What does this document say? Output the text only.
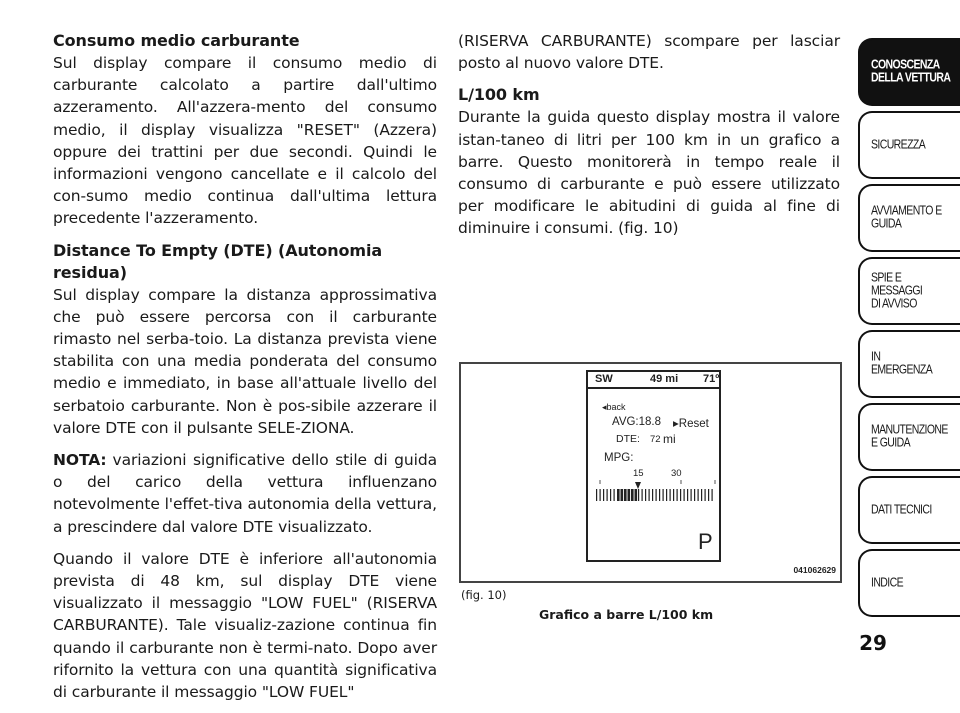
Consumo medio carburante

Sul display compare il consumo medio di carburante calcolato a partire dall'ultimo azzeramento. All'azzera-mento del consumo medio, il display visualizza "RESET" (Azzera) oppure dei trattini per due secondi. Quindi le informazioni vengono cancellate e il calcolo del con-sumo medio continua dall'ultima lettura precedente l'azzeramento.

Distance To Empty (DTE) (Autonomia residua)

Sul display compare la distanza approssimativa che può essere percorsa con il carburante rimasto nel serba-toio. La distanza prevista viene stabilita con una media ponderata del consumo medio e immediato, in base all'attuale livello del serbatoio carburante. Non è pos-sibile azzerare il valore DTE con il pulsante SELE-ZIONA.

NOTA: variazioni significative dello stile di guida o del carico della vettura influenzano notevolmente l'effet-tiva autonomia della vettura, a prescindere dal valore DTE visualizzato.

Quando il valore DTE è inferiore all'autonomia prevista di 48 km, sul display DTE viene visualizzato il messaggio "LOW FUEL" (RISERVA CARBURANTE). Tale visualiz-zazione continua fin quando il carburante non è termi-nato. Dopo aver rifornito la vettura con una quantità significativa di carburante il messaggio "LOW FUEL"

(RISERVA CARBURANTE) scompare per lasciar posto al nuovo valore DTE.

L/100 km

Durante la guida questo display mostra il valore istan-taneo di litri per 100 km in un grafico a barre. Questo monitorerà in tempo reale il consumo di carburante e può essere utilizzato per modificare le abitudini di guida al fine di diminuire i consumi. (fig. 10)

SW	49 mi 71º
◂back
AVG:18.8 ▸Reset
DTE: 72 mi
MPG:
15	30
P
041062629
(fig. 10)
Grafico a barre L/100 km
CONOSCENZA
DELLA VETTURA
SICUREZZA
AVVIAMENTO E
GUIDA
SPIE E
MESSAGGI
DI AVVISO
IN
EMERGENZA
MANUTENZIONE
E GUIDA
DATI TECNICI
INDICE
29
